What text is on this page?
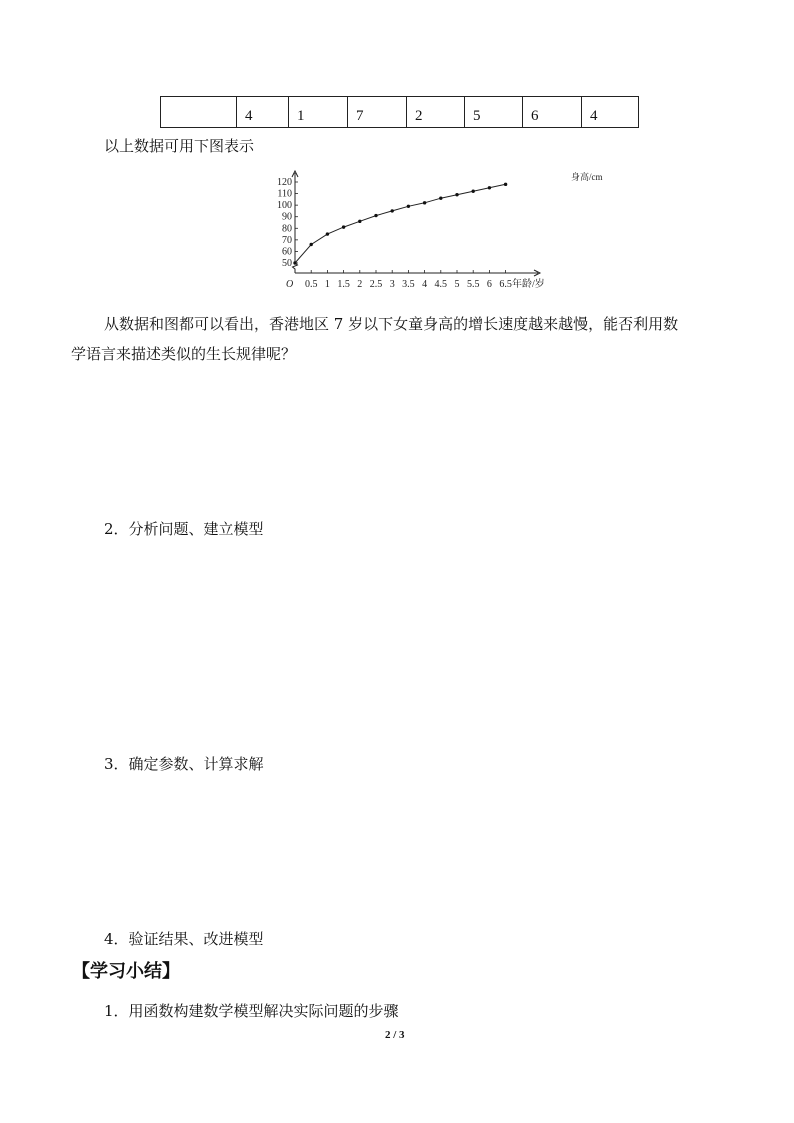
	4	1	7	2	5	6	4
以上数据可用下图表示
50
60
70
80
90
100
110
120
0.5 1 1.5 2 2.5 3 3.5 4 4.5 5 5.5 6 6.5
身高/cm
年龄/岁
O
从数据和图都可以看出，香港地区 7 岁以下女童身高的增长速度越来越慢，能否利用数
学语言来描述类似的生长规律呢？
2．分析问题、建立模型
3．确定参数、计算求解
4．验证结果、改进模型
【学习小结】
1．用函数构建数学模型解决实际问题的步骤
2 / 3
